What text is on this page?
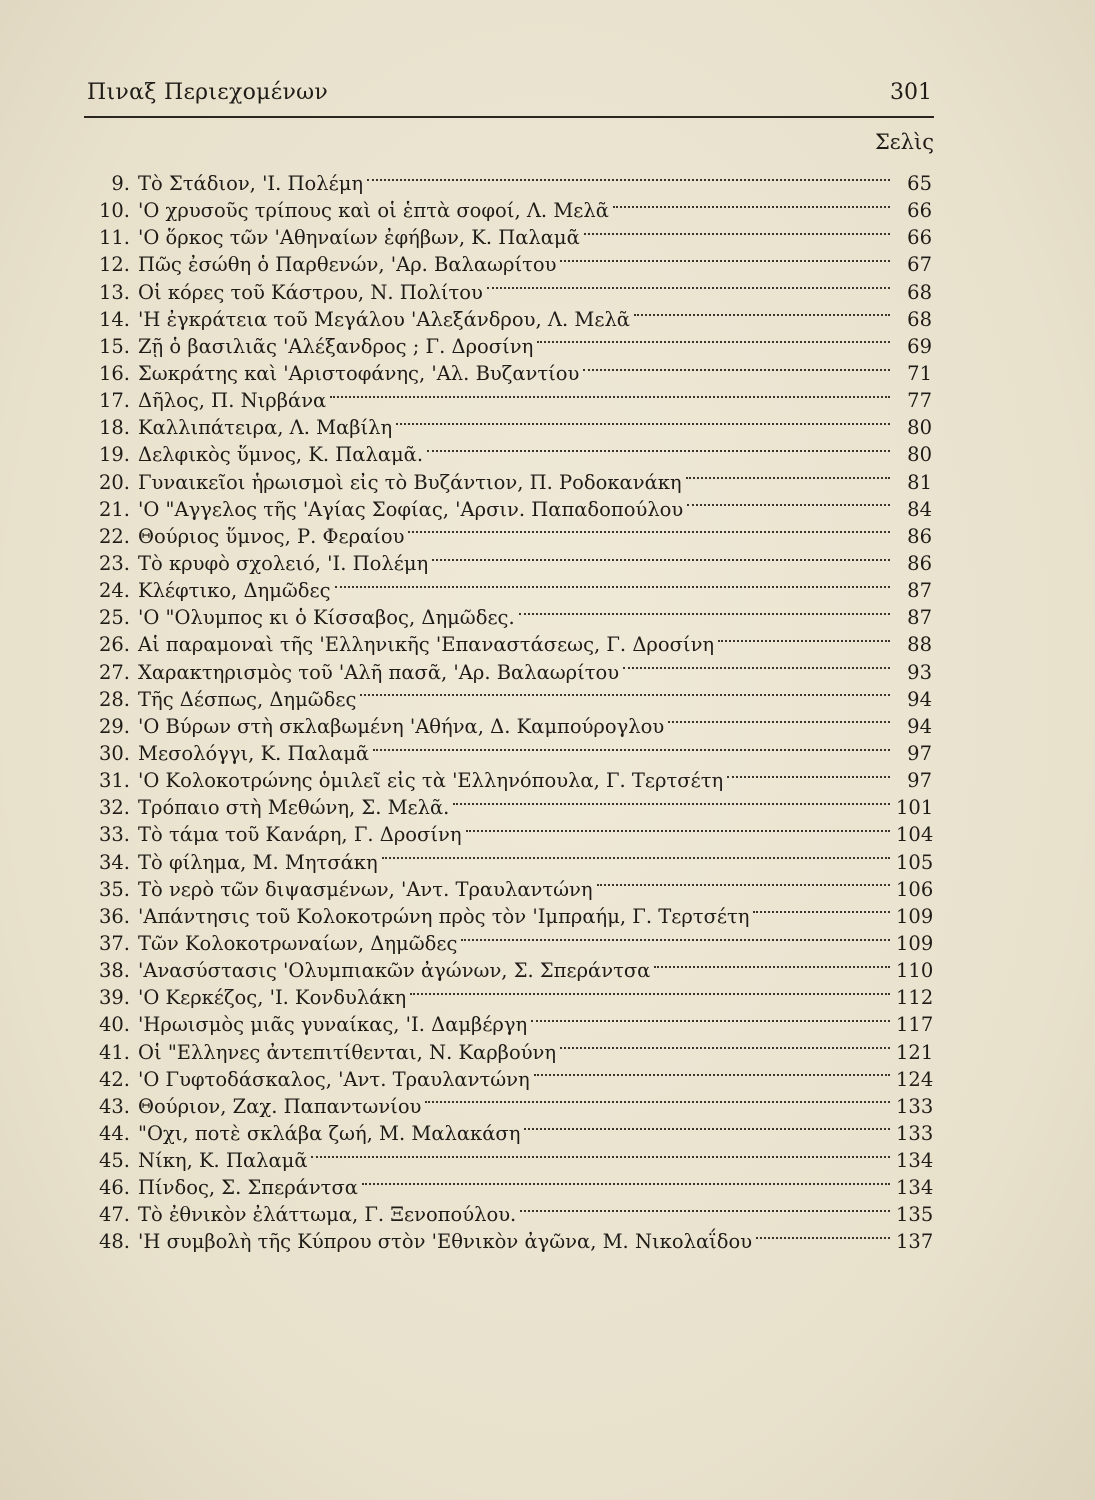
Πιναξ Περιεχομένων	301
Σελὶς
9. Τὸ Στάδιον, 'Ι. Πολέμη	65
10. 'Ο χρυσοῦς τρίπους καὶ οἱ ἑπτὰ σοφοί, Λ. Μελᾶ	66
11. 'Ο ὅρκος τῶν 'Αθηναίων ἐφήβων, Κ. Παλαμᾶ	66
12. Πῶς ἐσώθη ὁ Παρθενών, 'Αρ. Βαλαωρίτου	67
13. Οἱ κόρες τοῦ Κάστρου, Ν. Πολίτου	68
14. 'Η ἐγκράτεια τοῦ Μεγάλου 'Αλεξάνδρου, Λ. Μελᾶ	68
15. Ζῇ ὁ βασιλιᾶς 'Αλέξανδρος ; Γ. Δροσίνη	69
16. Σωκράτης καὶ 'Αριστοφάνης, 'Αλ. Βυζαντίου	71
17. Δῆλος, Π. Νιρβάνα	77
18. Καλλιπάτειρα, Λ. Μαβίλη	80
19. Δελφικὸς ὕμνος, Κ. Παλαμᾶ.	80
20. Γυναικεῖοι ἡρωισμοὶ εἰς τὸ Βυζάντιον, Π. Ροδοκανάκη	81
21. 'Ο "Αγγελος τῆς 'Αγίας Σοφίας, 'Αρσιν. Παπαδοπούλου	84
22. Θούριος ὕμνος, Ρ. Φεραίου	86
23. Τὸ κρυφὸ σχολειό, 'Ι. Πολέμη	86
24. Κλέφτικο, Δημῶδες	87
25. 'Ο "Ολυμπος κι ὁ Κίσσαβος, Δημῶδες.	87
26. Αἱ παραμοναὶ τῆς 'Ελληνικῆς 'Επαναστάσεως, Γ. Δροσίνη	88
27. Χαρακτηρισμὸς τοῦ 'Αλῆ πασᾶ, 'Αρ. Βαλαωρίτου	93
28. Τῆς Δέσπως, Δημῶδες	94
29. 'Ο Βύρων στὴ σκλαβωμένη 'Αθήνα, Δ. Καμπούρογλου	94
30. Μεσολόγγι, Κ. Παλαμᾶ	97
31. 'Ο Κολοκοτρώνης ὁμιλεῖ εἰς τὰ 'Ελληνόπουλα, Γ. Τερτσέτη	97
32. Τρόπαιο στὴ Μεθώνη, Σ. Μελᾶ.	101
33. Τὸ τάμα τοῦ Κανάρη, Γ. Δροσίνη	104
34. Τὸ φίλημα, Μ. Μητσάκη	105
35. Τὸ νερὸ τῶν διψασμένων, 'Αντ. Τραυλαντώνη	106
36. 'Απάντησις τοῦ Κολοκοτρώνη πρὸς τὸν 'Ιμπραήμ, Γ. Τερτσέτη	109
37. Τῶν Κολοκοτρωναίων, Δημῶδες	109
38. 'Ανασύστασις 'Ολυμπιακῶν ἀγώνων, Σ. Σπεράντσα	110
39. 'Ο Κερκέζος, 'Ι. Κονδυλάκη	112
40. 'Ηρωισμὸς μιᾶς γυναίκας, 'Ι. Δαμβέργη	117
41. Οἱ "Ελληνες ἀντεπιτίθενται, Ν. Καρβούνη	121
42. 'Ο Γυφτοδάσκαλος, 'Αντ. Τραυλαντώνη	124
43. Θούριον, Ζαχ. Παπαντωνίου	133
44. "Οχι, ποτὲ σκλάβα ζωή, Μ. Μαλακάση	133
45. Νίκη, Κ. Παλαμᾶ	134
46. Πίνδος, Σ. Σπεράντσα	134
47. Τὸ ἐθνικὸν ἐλάττωμα, Γ. Ξενοπούλου.	135
48. 'Η συμβολὴ τῆς Κύπρου στὸν 'Εθνικὸν ἀγῶνα, Μ. Νικολαΐδου	137
